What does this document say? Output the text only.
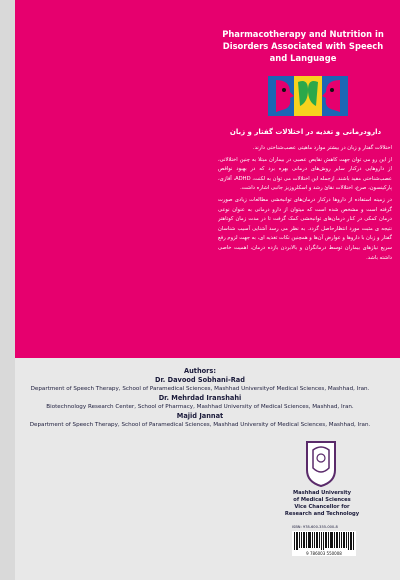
Pharmacotherapy and Nutrition in Disorders Associated with Speech and Language
دارودرمانی و تغذیه در اختلالات گفتار و زبان

اختلالات گفتار و زبان در بیشتر موارد ماهیتی عصب‌شناختی دارند.

از این رو می توان جهت کاهش نقایص عصبی در بیماران مبتلا به چنین اختلالاتی، از داروهایی درکنار سایر روش‌های درمانی بهره برد که در بهبود نواقص عصب‌شناختی مفید باشند. ازجمله این اختلالات می توان به لکنت، ADHD، آفازی، پارکینسون، صرع، اختلالات نقائ رشد و اسکلروزیز جانبی اشاره داشت.

در زمینه استفاده از داروها درکنار درمان‌های توانبخشی مطالعات زیادی صورت گرفته است و مشخص شده است که میتوان از دارو درمانی به عنوان نوعی درمان کمکی در کنار درمان‌های توانبخشی کمک گرفت تا در مدت زمان کوتاهتر نتیجه ی مثبت مورد انتظارحاصل گردد. به نظر می رسد آشنایی آسیب شناسان گفتار و زبان با داروها و عوارض آن‌ها و همچنین نکات تغذیه ای، به جهت لزوم رفع سریع نیازهای بیماران توسط درمانگران و بالابردن بازده درمان، اهمیت خاصی داشته باشد.

Authors:
Dr. Davood Sobhani-Rad
Department of Speech Therapy, School of Paramedical Sciences, Mashhad Universityof Medical Sciences, Mashhad, Iran.
Dr. Mehrdad Iranshahi
Biotechnology Research Center, School of Pharmacy, Mashhad University of Medical Sciences, Mashhad, Iran.
Majid Jannat
Department of Speech Therapy, School of Paramedical Sciences, Mashhad University of Medical Sciences, Mashhad, Iran.
Mashhad University
of Medical Sciences
Vice Chancellor for
Research and Technology
ISBN: 978-600-355-000-8
9 786003 550008
